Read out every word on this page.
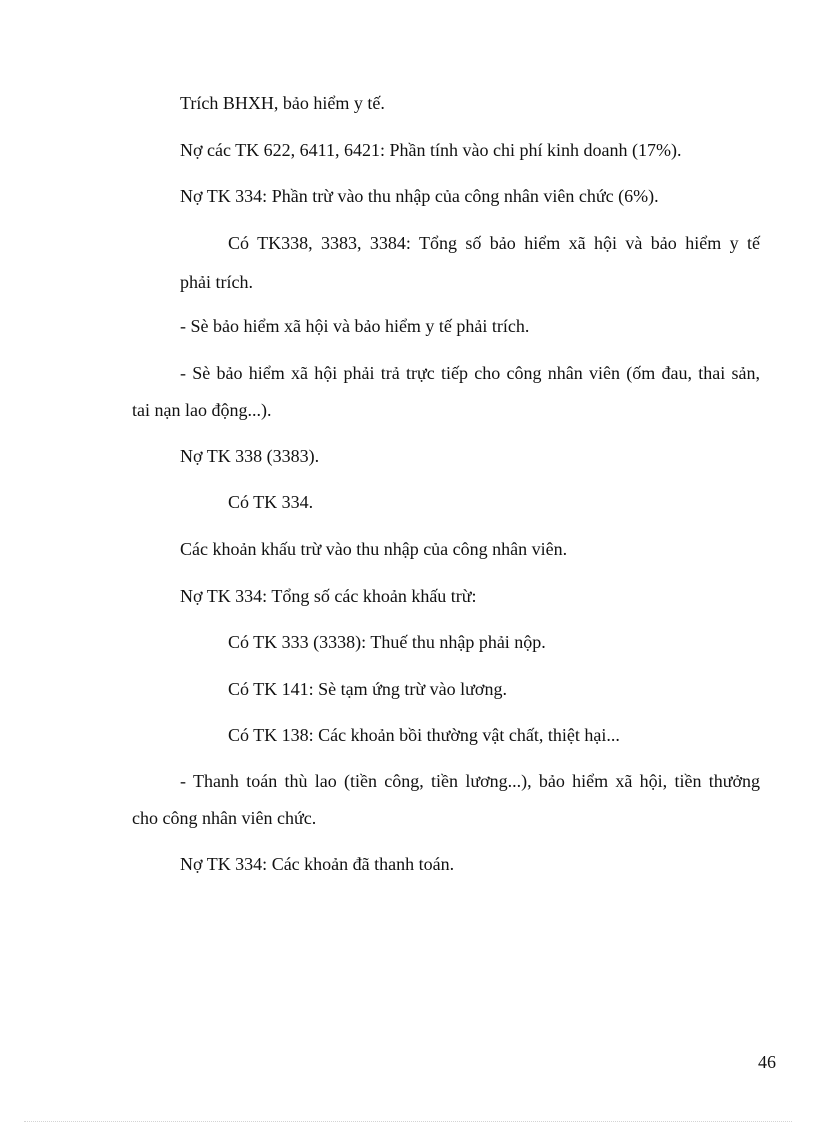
Trích BHXH, bảo hiểm y tế.
Nợ các TK 622, 6411, 6421: Phần tính vào chi phí kinh doanh (17%).
Nợ TK 334: Phần trừ vào thu nhập của công nhân viên chức (6%).
Có TK338, 3383, 3384: Tổng số bảo hiểm xã hội và bảo hiểm y tế
phải trích.
- Sè bảo hiểm xã hội và bảo hiểm y tế phải trích.
- Sè bảo hiểm xã hội phải trả trực tiếp cho công nhân viên (ốm đau, thai sản,
tai nạn lao động...).
Nợ TK 338 (3383).
Có TK 334.
Các khoản khấu trừ vào thu nhập của công nhân viên.
Nợ TK 334: Tổng số các khoản khấu trừ:
Có TK 333 (3338): Thuế thu nhập phải nộp.
Có TK 141: Sè tạm ứng trừ vào lương.
Có TK 138: Các khoản bồi thường vật chất, thiệt hại...
- Thanh toán thù lao (tiền công, tiền lương...), bảo hiểm xã hội, tiền thưởng
cho công nhân viên chức.
Nợ TK 334: Các khoản đã thanh toán.
46
